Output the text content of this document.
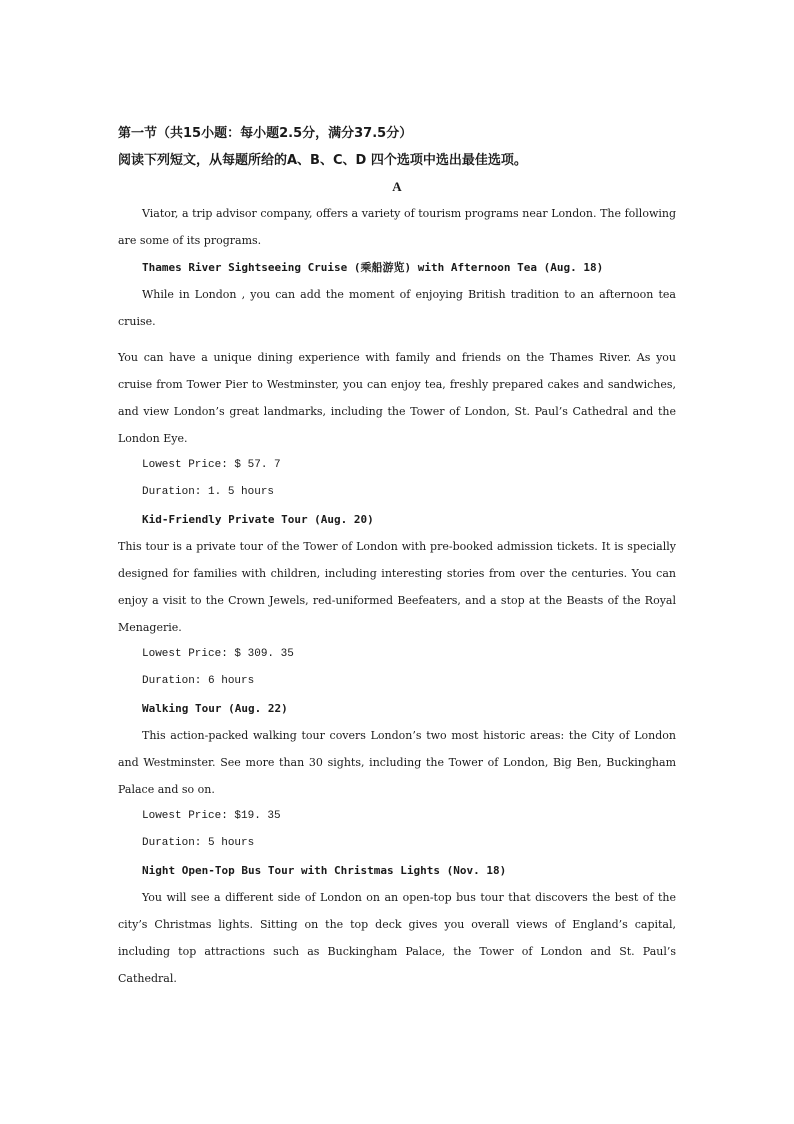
第一节（共15小题：每小题2.5分，满分37.5分）
阅读下列短文，从每题所给的A、B、C、D 四个选项中选出最佳选项。
A
Viator, a trip advisor company, offers a variety of tourism programs near London. The following are some of its programs.
Thames River Sightseeing Cruise (乘船游览) with Afternoon Tea (Aug. 18)
While in London , you can add the moment of enjoying British tradition to an afternoon tea cruise.
You can have a unique dining experience with family and friends on the Thames River. As you cruise from Tower Pier to Westminster, you can enjoy tea, freshly prepared cakes and sandwiches, and view London’s great landmarks, including the Tower of London, St. Paul’s Cathedral and the London Eye.
Lowest Price: $ 57. 7
Duration: 1. 5 hours
Kid-Friendly Private Tour (Aug. 20)
This tour is a private tour of the Tower of London with pre-booked admission tickets. It is specially designed for families with children, including interesting stories from over the centuries. You can enjoy a visit to the Crown Jewels, red-uniformed Beefeaters, and a stop at the Beasts of the Royal Menagerie.
Lowest Price: $ 309. 35
Duration: 6 hours
Walking Tour (Aug. 22)
This action-packed walking tour covers London’s two most historic areas: the City of London and Westminster. See more than 30 sights, including the Tower of London, Big Ben, Buckingham Palace and so on.
Lowest Price: $19. 35
Duration: 5 hours
Night Open-Top Bus Tour with Christmas Lights (Nov. 18)
You will see a different side of London on an open-top bus tour that discovers the best of the city’s Christmas lights. Sitting on the top deck gives you overall views of England’s capital, including top attractions such as Buckingham Palace, the Tower of London and St. Paul’s Cathedral.
